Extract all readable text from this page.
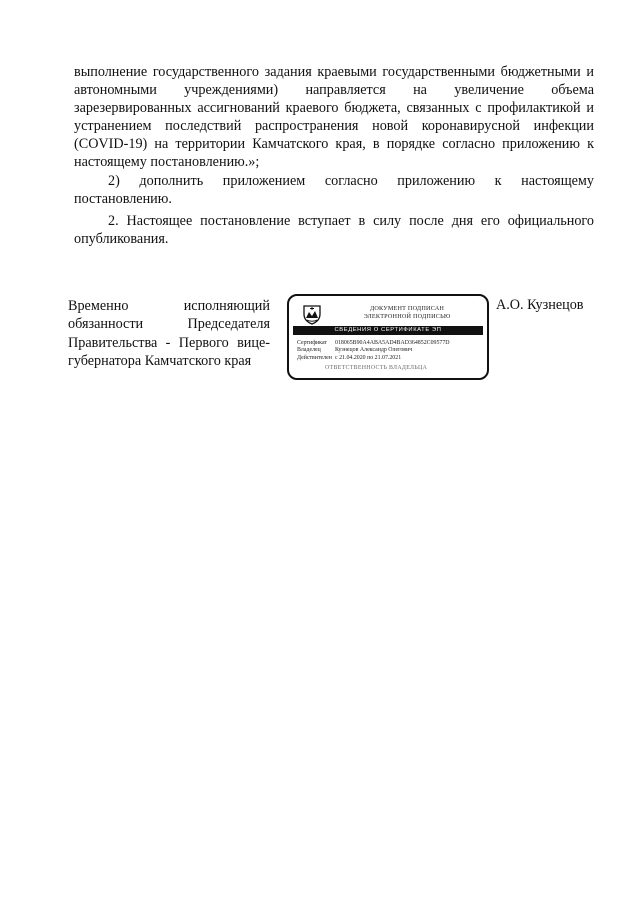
выполнение государственного задания краевыми государственными бюджетными и автономными учреждениями) направляется на увеличение объема зарезервированных ассигнований краевого бюджета, связанных с профилактикой и устранением последствий распространения новой коронавирусной инфекции (COVID-19) на территории Камчатского края, в порядке согласно приложению к настоящему постановлению.»;

2) дополнить приложением согласно приложению к настоящему постановлению.

2. Настоящее постановление вступает в силу после дня его официального опубликования.

Временно исполняющий
обязанности Председателя
Правительства - Первого вице-
губернатора Камчатского края
ДОКУМЕНТ ПОДПИСАН
ЭЛЕКТРОННОЙ ПОДПИСЬЮ
СВЕДЕНИЯ О СЕРТИФИКАТЕ ЭП
Сертификат	018065B90A4ABA5AD4BAD364852C09577D
Владелец	Кузнецов Александр Олегович
Действителен с 21.04.2020 по 21.07.2021
ОТВЕТСТВЕННОСТЬ ВЛАДЕЛЬЦА
А.О. Кузнецов
